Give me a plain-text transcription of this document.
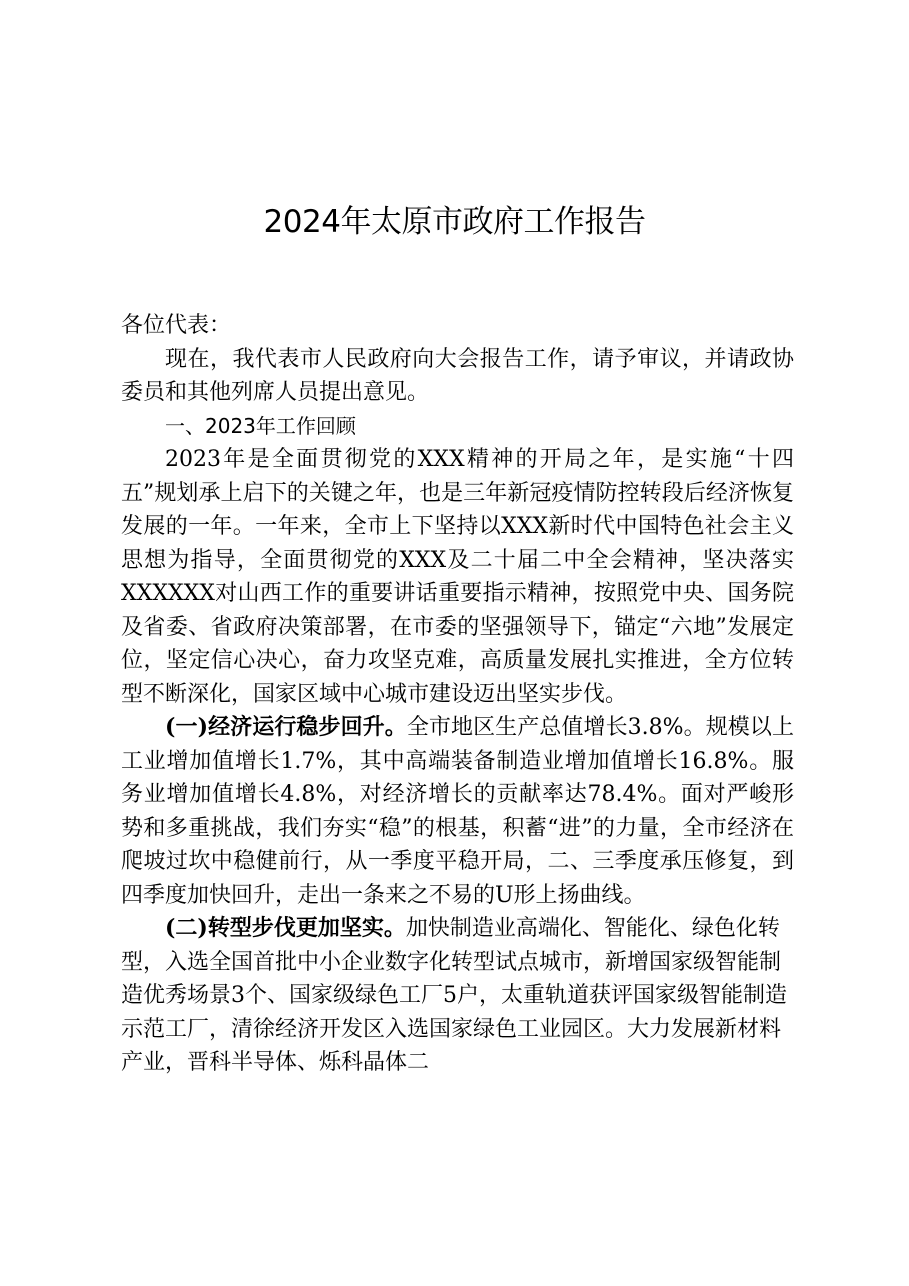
2024年太原市政府工作报告

各位代表：

现在，我代表市人民政府向大会报告工作，请予审议，并请政协委员和其他列席人员提出意见。

一、2023年工作回顾

2023年是全面贯彻党的XXX精神的开局之年，是实施“十四五”规划承上启下的关键之年，也是三年新冠疫情防控转段后经济恢复发展的一年。一年来，全市上下坚持以XXX新时代中国特色社会主义思想为指导，全面贯彻党的XXX及二十届二中全会精神，坚决落实XXXXXX对山西工作的重要讲话重要指示精神，按照党中央、国务院及省委、省政府决策部署，在市委的坚强领导下，锚定“六地”发展定位，坚定信心决心，奋力攻坚克难，高质量发展扎实推进，全方位转型不断深化，国家区域中心城市建设迈出坚实步伐。

(一)经济运行稳步回升。全市地区生产总值增长3.8%。规模以上工业增加值增长1.7%，其中高端装备制造业增加值增长16.8%。服务业增加值增长4.8%，对经济增长的贡献率达78.4%。面对严峻形势和多重挑战，我们夯实“稳”的根基，积蓄“进”的力量，全市经济在爬坡过坎中稳健前行，从一季度平稳开局，二、三季度承压修复，到四季度加快回升，走出一条来之不易的U形上扬曲线。

(二)转型步伐更加坚实。加快制造业高端化、智能化、绿色化转型，入选全国首批中小企业数字化转型试点城市，新增国家级智能制造优秀场景3个、国家级绿色工厂5户，太重轨道获评国家级智能制造示范工厂，清徐经济开发区入选国家绿色工业园区。大力发展新材料产业，晋科半导体、烁科晶体二
